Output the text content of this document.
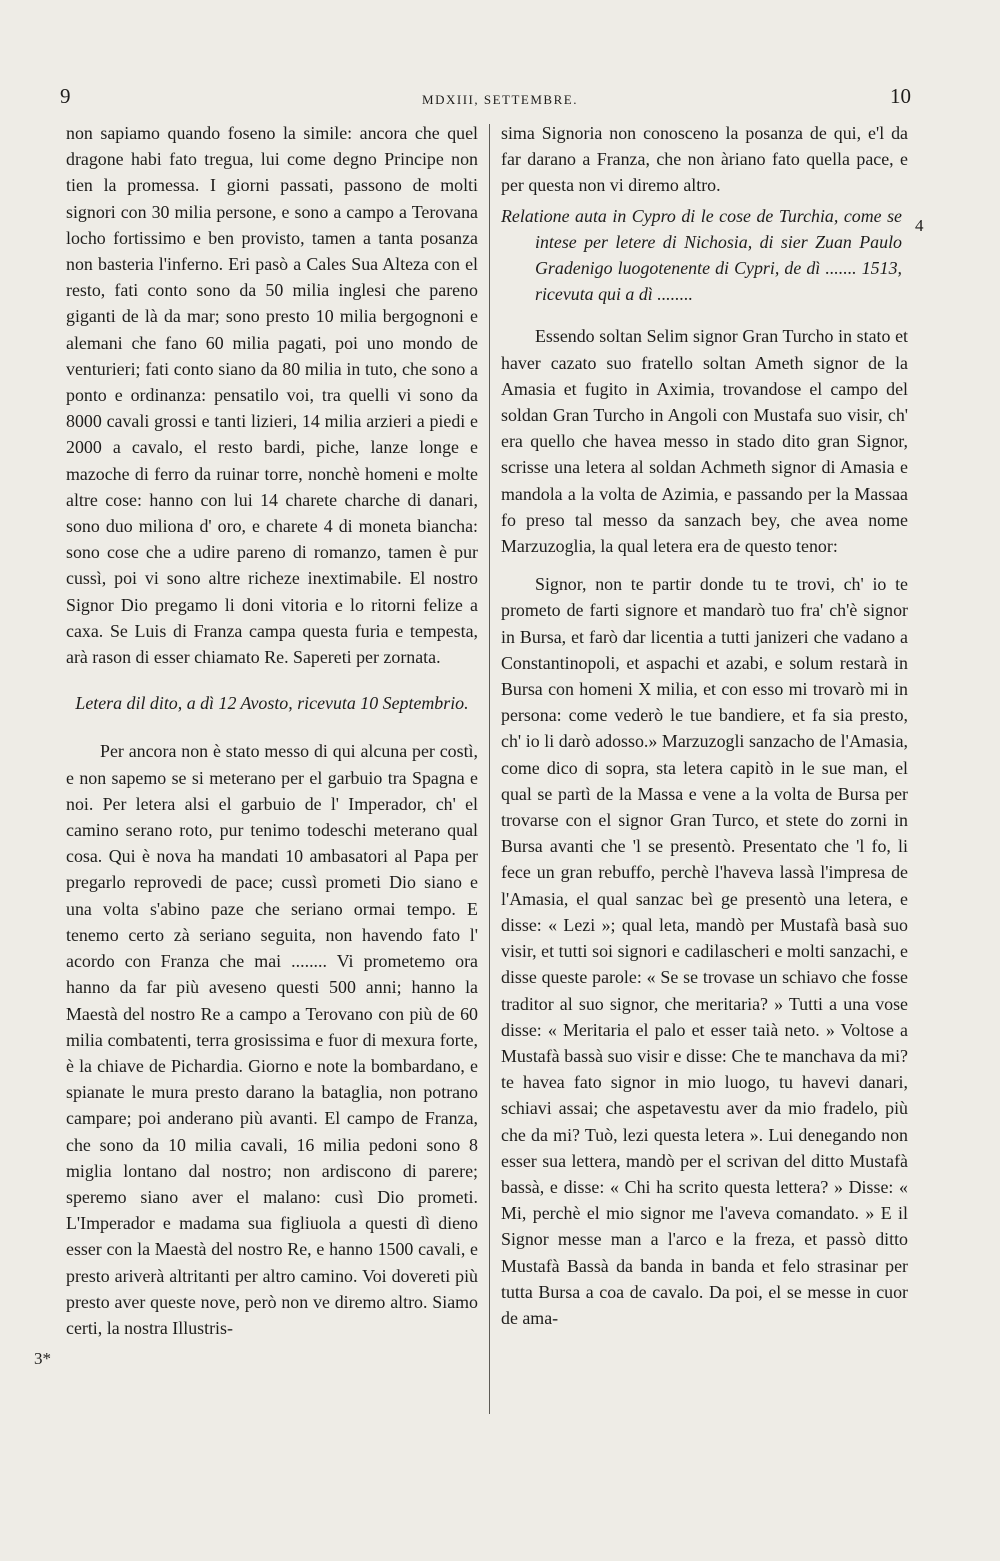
9	MDXIII, SETTEMBRE.	10

non sapiamo quando foseno la simile: ancora che quel dragone habi fato tregua, lui come degno Principe non tien la promessa. I giorni passati, passono de molti signori con 30 milia persone, e sono a campo a Terovana locho fortissimo e ben provisto, tamen a tanta posanza non basteria l'inferno. Eri pasò a Cales Sua Alteza con el resto, fati conto sono da 50 milia inglesi che pareno giganti de là da mar; sono presto 10 milia bergognoni e alemani che fano 60 milia pagati, poi uno mondo de venturieri; fati conto siano da 80 milia in tuto, che sono a ponto e ordinanza: pensatilo voi, tra quelli vi sono da 8000 cavali grossi e tanti lizieri, 14 milia arzieri a piedi e 2000 a cavalo, el resto bardi, piche, lanze longe e mazoche di ferro da ruinar torre, nonchè homeni e molte altre cose: hanno con lui 14 charete charche di danari, sono duo miliona d' oro, e charete 4 di moneta biancha: sono cose che a udire pareno di romanzo, tamen è pur cussì, poi vi sono altre richeze inextimabile. El nostro Signor Dio pregamo li doni vitoria e lo ritorni felize a caxa. Se Luis di Franza campa questa furia e tempesta, arà rason di esser chiamato Re. Sapereti per zornata.

Letera dil dito, a dì 12 Avosto, ricevuta 10 Septembrio.

Per ancora non è stato messo di qui alcuna per costì, e non sapemo se si meterano per el garbuio tra Spagna e noi. Per letera alsi el garbuio de l' Imperador, ch' el camino serano roto, pur tenimo todeschi meterano qual cosa. Qui è nova ha mandati 10 ambasatori al Papa per pregarlo reprovedi de pace; cussì prometi Dio siano e una volta s'abino paze che seriano ormai tempo. E tenemo certo zà seriano seguita, non havendo fato l' acordo con Franza che mai ........ Vi prometemo ora hanno da far più aveseno questi 500 anni; hanno la Maestà del nostro Re a campo a Terovano con più de 60 milia combatenti, terra grosissima e fuor di mexura forte, è la chiave de Pichardia. Giorno e note la bombardano, e spianate le mura presto darano la bataglia, non potrano campare; poi anderano più avanti. El campo de Franza, che sono da 10 milia cavali, 16 milia pedoni sono 8 miglia lontano dal nostro; non ardiscono di parere; speremo siano aver el malano: cusì Dio prometi. L'Imperador e madama sua figliuola a questi dì dieno esser con la Maestà del nostro Re, e hanno 1500 cavali, e presto ariverà altritanti per altro camino. Voi dovereti più presto aver queste nove, però non ve diremo altro. Siamo certi, la nostra Illustris-

sima Signoria non conosceno la posanza de qui, e'l da far darano a Franza, che non àriano fato quella pace, e per questa non vi diremo altro.

Relatione auta in Cypro di le cose de Turchia, come se intese per letere di Nichosia, di sier Zuan Paulo Gradenigo luogotenente di Cypri, de dì ....... 1513, ricevuta qui a dì ........

Essendo soltan Selim signor Gran Turcho in stato et haver cazato suo fratello soltan Ameth signor de la Amasia et fugito in Aximia, trovandose el campo del soldan Gran Turcho in Angoli con Mustafa suo visir, ch' era quello che havea messo in stado dito gran Signor, scrisse una letera al soldan Achmeth signor di Amasia e mandola a la volta de Azimia, e passando per la Massaa fo preso tal messo da sanzach bey, che avea nome Marzuzoglia, la qual letera era de questo tenor:

Signor, non te partir donde tu te trovi, ch' io te prometo de farti signore et mandarò tuo fra' ch'è signor in Bursa, et farò dar licentia a tutti janizeri che vadano a Constantinopoli, et aspachi et azabi, e solum restarà in Bursa con homeni X milia, et con esso mi trovarò mi in persona: come vederò le tue bandiere, et fa sia presto, ch' io li darò adosso.» Marzuzogli sanzacho de l'Amasia, come dico di sopra, sta letera capitò in le sue man, el qual se partì de la Massa e vene a la volta de Bursa per trovarse con el signor Gran Turco, et stete do zorni in Bursa avanti che 'l se presentò. Presentato che 'l fo, li fece un gran rebuffo, perchè l'haveva lassà l'impresa de l'Amasia, el qual sanzac beì ge presentò una letera, e disse: « Lezi »; qual leta, mandò per Mustafà basà suo visir, et tutti soi signori e cadilascheri e molti sanzachi, e disse queste parole: « Se se trovase un schiavo che fosse traditor al suo signor, che meritaria? » Tutti a una vose disse: « Meritaria el palo et esser taià neto. » Voltose a Mustafà bassà suo visir e disse: Che te manchava da mi? te havea fato signor in mio luogo, tu havevi danari, schiavi assai; che aspetavestu aver da mio fradelo, più che da mi? Tuò, lezi questa letera ». Lui denegando non esser sua lettera, mandò per el scrivan del ditto Mustafà bassà, e disse: « Chi ha scrito questa lettera? » Disse: « Mi, perchè el mio signor me l'aveva comandato. » E il Signor messe man a l'arco e la freza, et passò ditto Mustafà Bassà da banda in banda et felo strasinar per tutta Bursa a coa de cavalo. Da poi, el se messe in cuor de ama-

4
3*
